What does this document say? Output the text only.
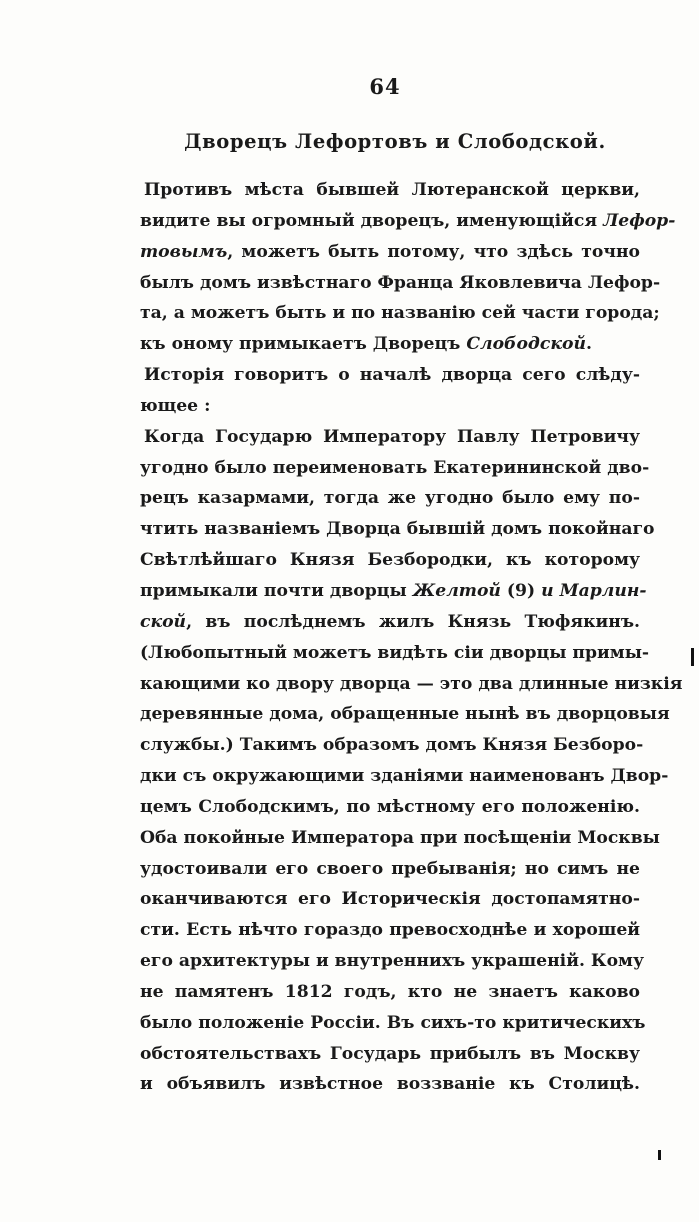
64
Дворецъ Лефортовъ и Слободской.
Противъ мѣста бывшей Лютеранской церкви,
видите вы огромный дворецъ, именующійся Лефор-
товымъ, можетъ быть потому, что здѣсь точно
былъ домъ извѣстнаго Франца Яковлевича Лефор-
та, а можетъ быть и по названію сей части города;
къ оному примыкаетъ Дворецъ Слободской.
Исторія говоритъ о началѣ дворца сего слѣду-
ющее :
Когда Государю Императору Павлу Петровичу
угодно было переименовать Екатерининской дво-
рецъ казармами, тогда же угодно было ему по-
чтить названіемъ Дворца бывшій домъ покойнаго
Свѣтлѣйшаго Князя Безбородки, къ которому
примыкали почти дворцы Желтой (9) и Марлин-
ской, въ послѣднемъ жилъ Князь Тюфякинъ.
(Любопытный можетъ видѣть сіи дворцы примы-
кающими ко двору дворца — это два длинные низкія
деревянные дома, обращенные нынѣ въ дворцовыя
службы.) Такимъ образомъ домъ Князя Безборо-
дки съ окружающими зданіями наименованъ Двор-
цемъ Слободскимъ, по мѣстному его положенію.
Оба покойные Императора при посѣщеніи Москвы
удостоивали его своего пребыванія; но симъ не
оканчиваются его Историческія достопамятно-
сти. Есть нѣчто гораздо превосходнѣе и хорошей
его архитектуры и внутреннихъ украшеній. Кому
не памятенъ 1812 годъ, кто не знаетъ каково
было положеніе Россіи. Въ сихъ-то критическихъ
обстоятельствахъ Государь прибылъ въ Москву
и объявилъ извѣстное воззваніе къ Столицѣ.
